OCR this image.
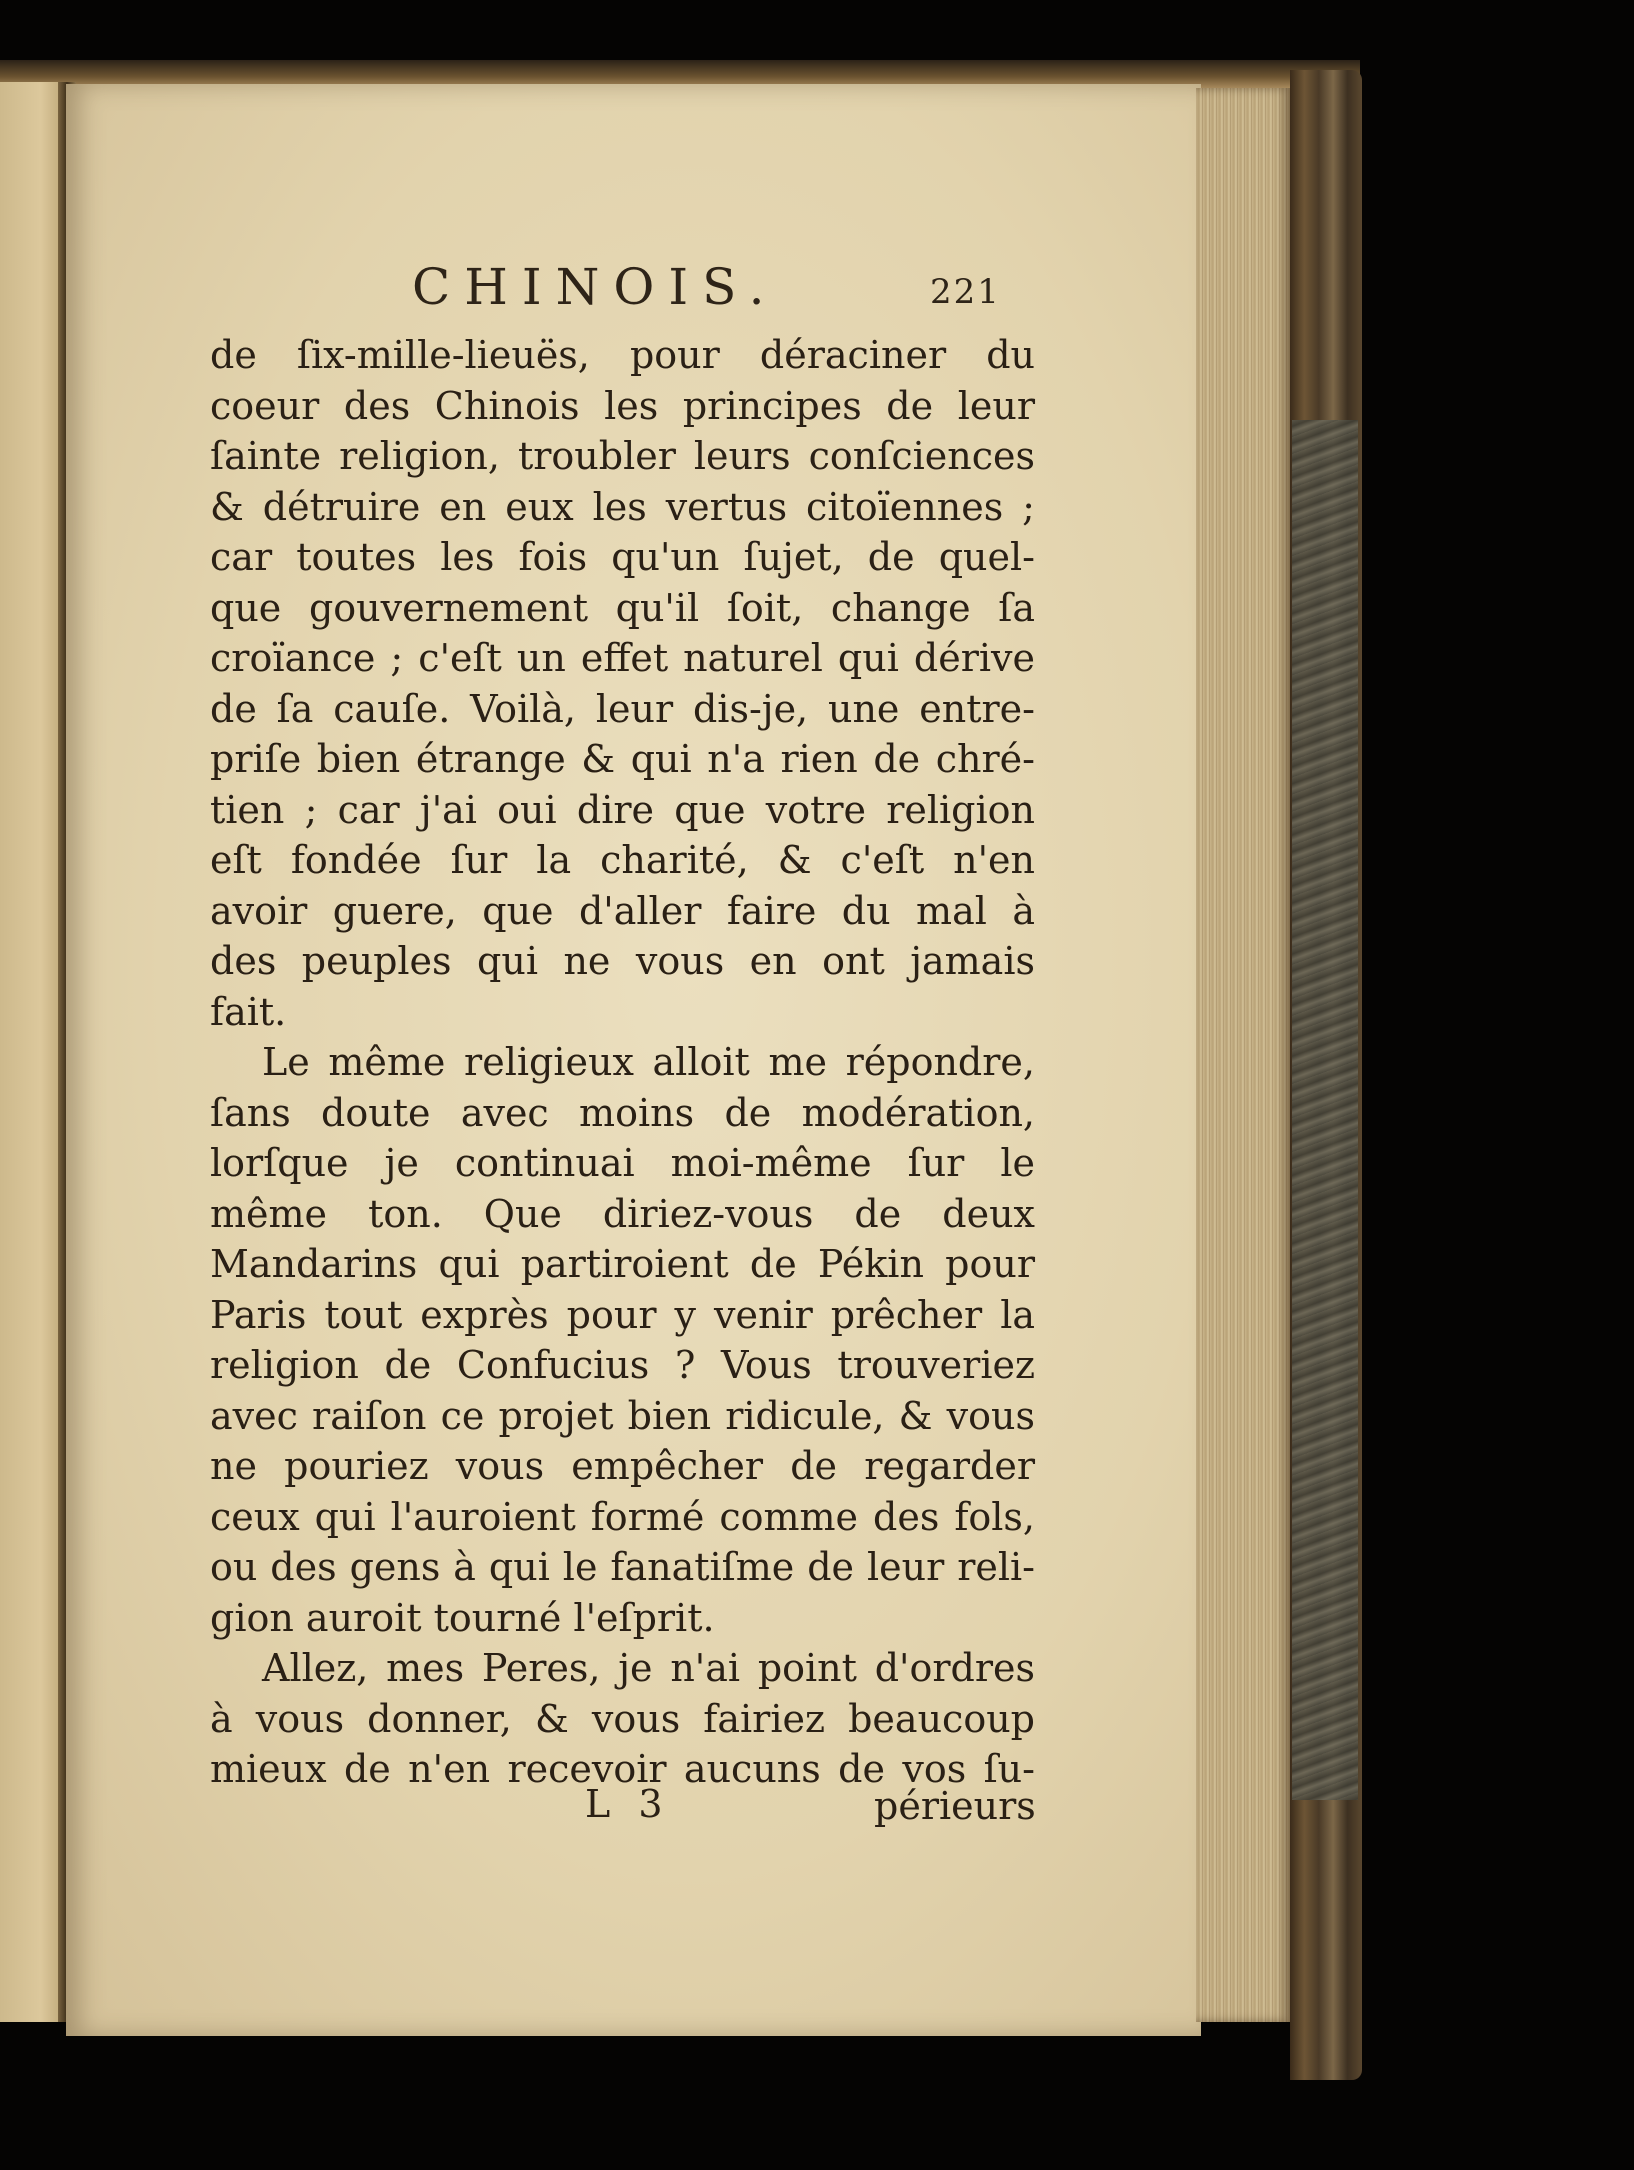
CHINOIS.	221
de ſix-mille-lieuës, pour déraciner du
coeur des Chinois les principes de leur
ſainte religion, troubler leurs conſciences
& détruire en eux les vertus citoïennes ;
car toutes les fois qu'un ſujet, de quel-
que gouvernement qu'il ſoit, change ſa
croïance ; c'eſt un effet naturel qui dérive
de ſa cauſe. Voilà, leur dis-je, une entre-
priſe bien étrange & qui n'a rien de chré-
tien ; car j'ai oui dire que votre religion
eſt fondée ſur la charité, & c'eſt n'en
avoir guere, que d'aller faire du mal à
des peuples qui ne vous en ont jamais
fait.
Le même religieux alloit me répondre,
ſans doute avec moins de modération,
lorſque je continuai moi-même ſur le
même ton. Que diriez-vous de deux
Mandarins qui partiroient de Pékin pour
Paris tout exprès pour y venir prêcher la
religion de Confucius ? Vous trouveriez
avec raiſon ce projet bien ridicule, & vous
ne pouriez vous empêcher de regarder
ceux qui l'auroient formé comme des fols,
ou des gens à qui le fanatiſme de leur reli-
gion auroit tourné l'eſprit.
Allez, mes Peres, je n'ai point d'ordres
à vous donner, & vous fairiez beaucoup
mieux de n'en recevoir aucuns de vos ſu-
L 3	périeurs
